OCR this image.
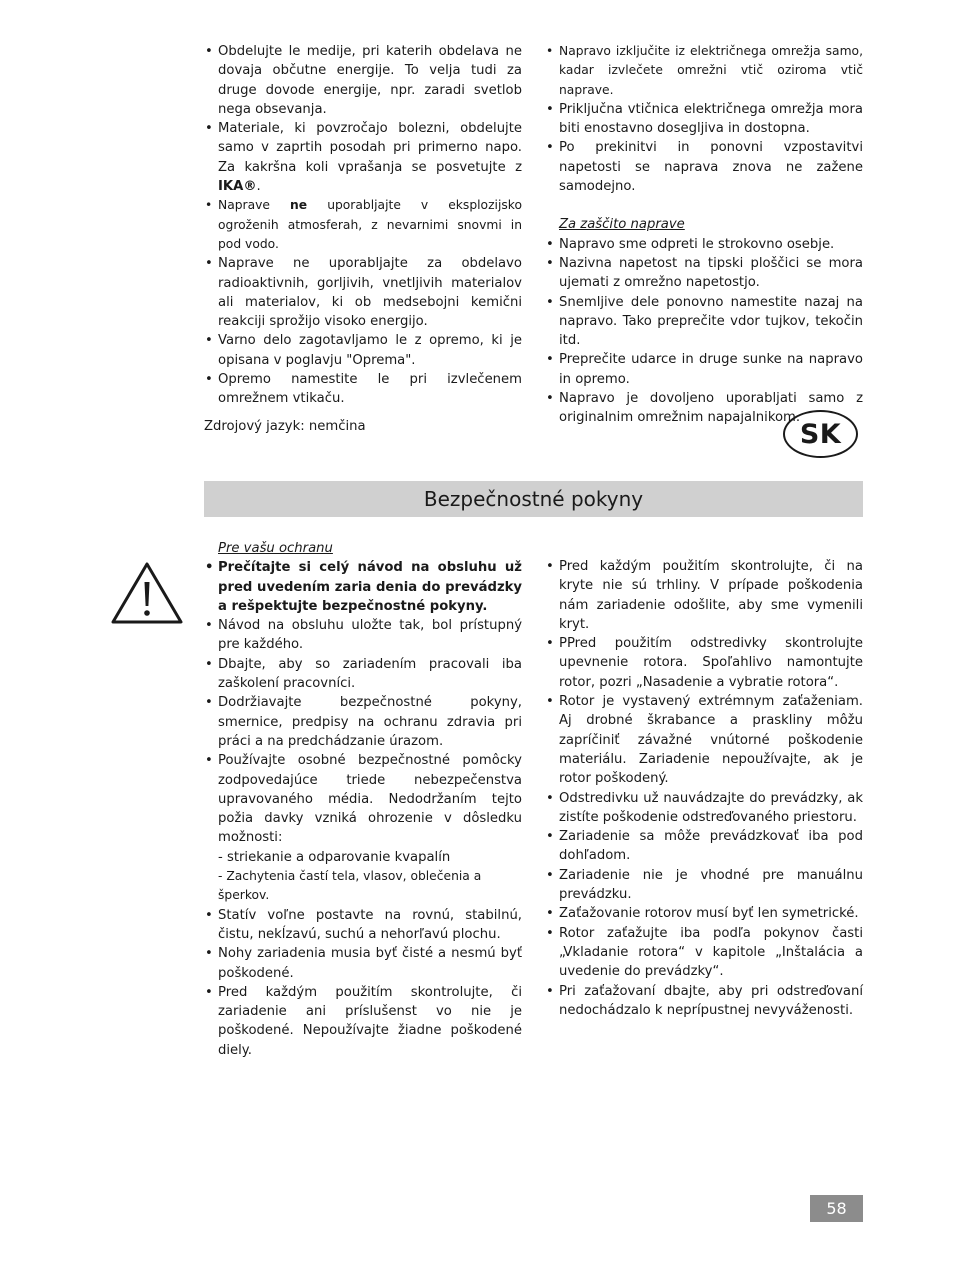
• Obdelujte le medije, pri katerih obdelava ne dovaja občutne energije. To velja tudi za druge dovode energije, npr. zaradi svetlob nega obsevanja.
• Materiale, ki povzročajo bolezni, obdelujte samo v zaprtih posodah pri primerno napo. Za kakršna koli vprašanja se posvetujte z IKA®.
• Naprave ne uporabljajte v eksplozijsko ogroženih atmosferah, z nevarnimi snovmi in pod vodo.
• Naprave ne uporabljajte za obdelavo radioaktivnih, gorljivih, vnetljivih materialov ali materialov, ki ob medsebojni kemični reakciji sprožijo visoko energijo.
• Varno delo zagotavljamo le z opremo, ki je opisana v poglavju "Oprema".
• Opremo namestite le pri izvlečenem omrežnem vtikaču.
• Napravo izključite iz električnega omrežja samo, kadar izvlečete omrežni vtič oziroma vtič naprave.
• Priključna vtičnica električnega omrežja mora biti enostavno dosegljiva in dostopna.
• Po prekinitvi in ponovni vzpostavitvi napetosti se naprava znova ne zažene samodejno.
Za zaščito naprave
• Napravo sme odpreti le strokovno osebje.
• Nazivna napetost na tipski ploščici se mora ujemati z omrežno napetostjo.
• Snemljive dele ponovno namestite nazaj na napravo. Tako preprečite vdor tujkov, tekočin itd.
• Preprečite udarce in druge sunke na napravo in opremo.
• Napravo je dovoljeno uporabljati samo z originalnim omrežnim napajalnikom.
Zdrojový jazyk: nemčina	SK
Bezpečnostné pokyny
Pre vašu ochranu
• Prečítajte si celý návod na obsluhu už pred uvedením zaria denia do prevádzky a rešpektujte bezpečnostné pokyny.
• Návod na obsluhu uložte tak, bol prístupný pre každého.
• Dbajte, aby so zariadením pracovali iba zaškolení pracovníci.
• Dodržiavajte bezpečnostné pokyny, smernice, predpisy na ochranu zdravia pri práci a na predchádzanie úrazom.
• Používajte osobné bezpečnostné pomôcky zodpovedajúce triede nebezpečenstva upravovaného média. Nedodržaním tejto požia davky vzniká ohrozenie v dôsledku možnosti:
- striekanie a odparovanie kvapalín
- Zachytenia častí tela, vlasov, oblečenia a šperkov.
• Statív voľne postavte na rovnú, stabilnú, čistu, nekĺzavú, suchú a nehorľavú plochu.
• Nohy zariadenia musia byť čisté a nesmú byť poškodené.
• Pred každým použitím skontrolujte, či zariadenie ani príslušenst vo nie je poškodené. Nepoužívajte žiadne poškodené diely.
• Pred každým použitím skontrolujte, či na kryte nie sú trhliny. V prípade poškodenia nám zariadenie odošlite, aby sme vymenili kryt.
• PPred použitím odstredivky skontrolujte upevnenie rotora. Spoľahlivo namontujte rotor, pozri „Nasadenie a vybratie rotora“.
• Rotor je vystavený extrémnym zaťaženiam. Aj drobné škrabance a praskliny môžu zapríčiniť závažné vnútorné poškodenie materiálu. Zariadenie nepoužívajte, ak je rotor poškodený.
• Odstredivku už nauvádzajte do prevádzky, ak zistíte poškodenie odstreďovaného priestoru.
• Zariadenie sa môže prevádzkovať iba pod dohľadom.
• Zariadenie nie je vhodné pre manuálnu prevádzku.
• Zaťažovanie rotorov musí byť len symetrické.
• Rotor zaťažujte iba podľa pokynov časti „Vkladanie rotora“ v kapitole „Inštalácia a uvedenie do prevádzky“.
• Pri zaťažovaní dbajte, aby pri odstreďovaní nedochádzalo k neprípustnej nevyváženosti.
58
